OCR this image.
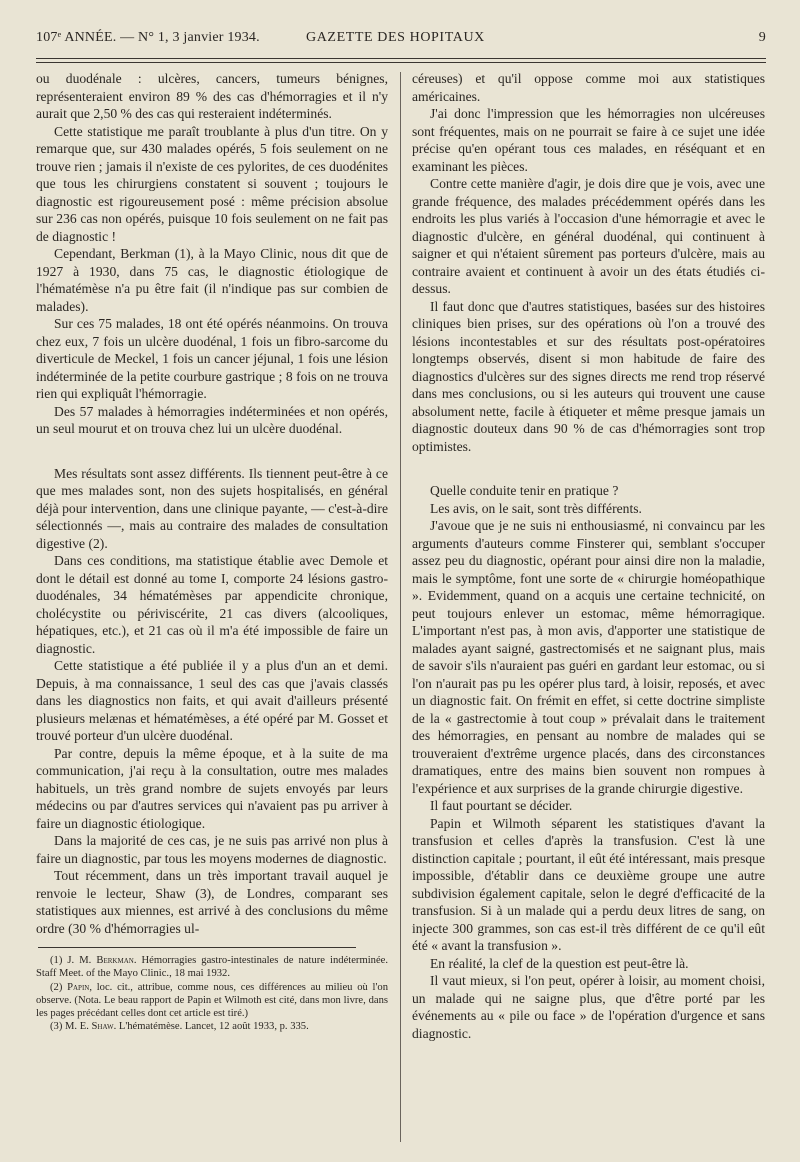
107ᵉ ANNÉE. — N° 1, 3 janvier 1934.	GAZETTE DES HOPITAUX	9

ou duodénale : ulcères, cancers, tumeurs bénignes, représenteraient environ 89 % des cas d'hémorragies et il n'y aurait que 2,50 % des cas qui resteraient indéterminés.

Cette statistique me paraît troublante à plus d'un titre. On y remarque que, sur 430 malades opérés, 5 fois seulement on ne trouve rien ; jamais il n'existe de ces pylorites, de ces duodénites que tous les chirurgiens constatent si souvent ; toujours le diagnostic est rigoureusement posé : même précision absolue sur 236 cas non opérés, puisque 10 fois seulement on ne fait pas de diagnostic !

Cependant, Berkman (1), à la Mayo Clinic, nous dit que de 1927 à 1930, dans 75 cas, le diagnostic étiologique de l'hématémèse n'a pu être fait (il n'indique pas sur combien de malades).

Sur ces 75 malades, 18 ont été opérés néanmoins. On trouva chez eux, 7 fois un ulcère duodénal, 1 fois un fibro-sarcome du diverticule de Meckel, 1 fois un cancer jéjunal, 1 fois une lésion indéterminée de la petite courbure gastrique ; 8 fois on ne trouva rien qui expliquât l'hémorragie.

Des 57 malades à hémorragies indéterminées et non opérés, un seul mourut et on trouva chez lui un ulcère duodénal.

Mes résultats sont assez différents. Ils tiennent peut-être à ce que mes malades sont, non des sujets hospitalisés, en général déjà pour intervention, dans une clinique payante, — c'est-à-dire sélectionnés —, mais au contraire des malades de consultation digestive (2).

Dans ces conditions, ma statistique établie avec Demole et dont le détail est donné au tome I, comporte 24 lésions gastro-duodénales, 34 hématémèses par appendicite chronique, cholécystite ou périviscérite, 21 cas divers (alcooliques, hépatiques, etc.), et 21 cas où il m'a été impossible de faire un diagnostic.

Cette statistique a été publiée il y a plus d'un an et demi. Depuis, à ma connaissance, 1 seul des cas que j'avais classés dans les diagnostics non faits, et qui avait d'ailleurs présenté plusieurs melænas et hématémèses, a été opéré par M. Gosset et trouvé porteur d'un ulcère duodénal.

Par contre, depuis la même époque, et à la suite de ma communication, j'ai reçu à la consultation, outre mes malades habituels, un très grand nombre de sujets envoyés par leurs médecins ou par d'autres services qui n'avaient pas pu arriver à faire un diagnostic étiologique.

Dans la majorité de ces cas, je ne suis pas arrivé non plus à faire un diagnostic, par tous les moyens modernes de diagnostic.

Tout récemment, dans un très important travail auquel je renvoie le lecteur, Shaw (3), de Londres, comparant ses statistiques aux miennes, est arrivé à des conclusions du même ordre (30 % d'hémorragies ul-

(1) J. M. Berkman. Hémorragies gastro-intestinales de nature indéterminée. Staff Meet. of the Mayo Clinic., 18 mai 1932.

(2) Papin, loc. cit., attribue, comme nous, ces différences au milieu où l'on observe. (Nota. Le beau rapport de Papin et Wilmoth est cité, dans mon livre, dans les pages précédant celles dont cet article est tiré.)

(3) M. E. Shaw. L'hématémèse. Lancet, 12 août 1933, p. 335.

céreuses) et qu'il oppose comme moi aux statistiques américaines.

J'ai donc l'impression que les hémorragies non ulcéreuses sont fréquentes, mais on ne pourrait se faire à ce sujet une idée précise qu'en opérant tous ces malades, en réséquant et en examinant les pièces.

Contre cette manière d'agir, je dois dire que je vois, avec une grande fréquence, des malades précédemment opérés dans les endroits les plus variés à l'occasion d'une hémorragie et avec le diagnostic d'ulcère, en général duodénal, qui continuent à saigner et qui n'étaient sûrement pas porteurs d'ulcère, mais au contraire avaient et continuent à avoir un des états étudiés ci-dessus.

Il faut donc que d'autres statistiques, basées sur des histoires cliniques bien prises, sur des opérations où l'on a trouvé des lésions incontestables et sur des résultats post-opératoires longtemps observés, disent si mon habitude de faire des diagnostics d'ulcères sur des signes directs me rend trop réservé dans mes conclusions, ou si les auteurs qui trouvent une cause absolument nette, facile à étiqueter et même presque jamais un diagnostic douteux dans 90 % de cas d'hémorragies sont trop optimistes.

Quelle conduite tenir en pratique ?

Les avis, on le sait, sont très différents.

J'avoue que je ne suis ni enthousiasmé, ni convaincu par les arguments d'auteurs comme Finsterer qui, semblant s'occuper assez peu du diagnostic, opérant pour ainsi dire non la maladie, mais le symptôme, font une sorte de « chirurgie homéopathique ». Evidemment, quand on a acquis une certaine technicité, on peut toujours enlever un estomac, même hémorragique. L'important n'est pas, à mon avis, d'apporter une statistique de malades ayant saigné, gastrectomisés et ne saignant plus, mais de savoir s'ils n'auraient pas guéri en gardant leur estomac, ou si l'on n'aurait pas pu les opérer plus tard, à loisir, reposés, et avec un diagnostic fait. On frémit en effet, si cette doctrine simpliste de la « gastrectomie à tout coup » prévalait dans le traitement des hémorragies, en pensant au nombre de malades qui se trouveraient d'extrême urgence placés, dans des circonstances dramatiques, entre des mains bien souvent non rompues à l'expérience et aux surprises de la grande chirurgie digestive.

Il faut pourtant se décider.

Papin et Wilmoth séparent les statistiques d'avant la transfusion et celles d'après la transfusion. C'est là une distinction capitale ; pourtant, il eût été intéressant, mais presque impossible, d'établir dans ce deuxième groupe une autre subdivision également capitale, selon le degré d'efficacité de la transfusion. Si à un malade qui a perdu deux litres de sang, on injecte 300 grammes, son cas est-il très différent de ce qu'il eût été « avant la transfusion ».

En réalité, la clef de la question est peut-être là.

Il vaut mieux, si l'on peut, opérer à loisir, au moment choisi, un malade qui ne saigne plus, que d'être porté par les événements au « pile ou face » de l'opération d'urgence et sans diagnostic.
